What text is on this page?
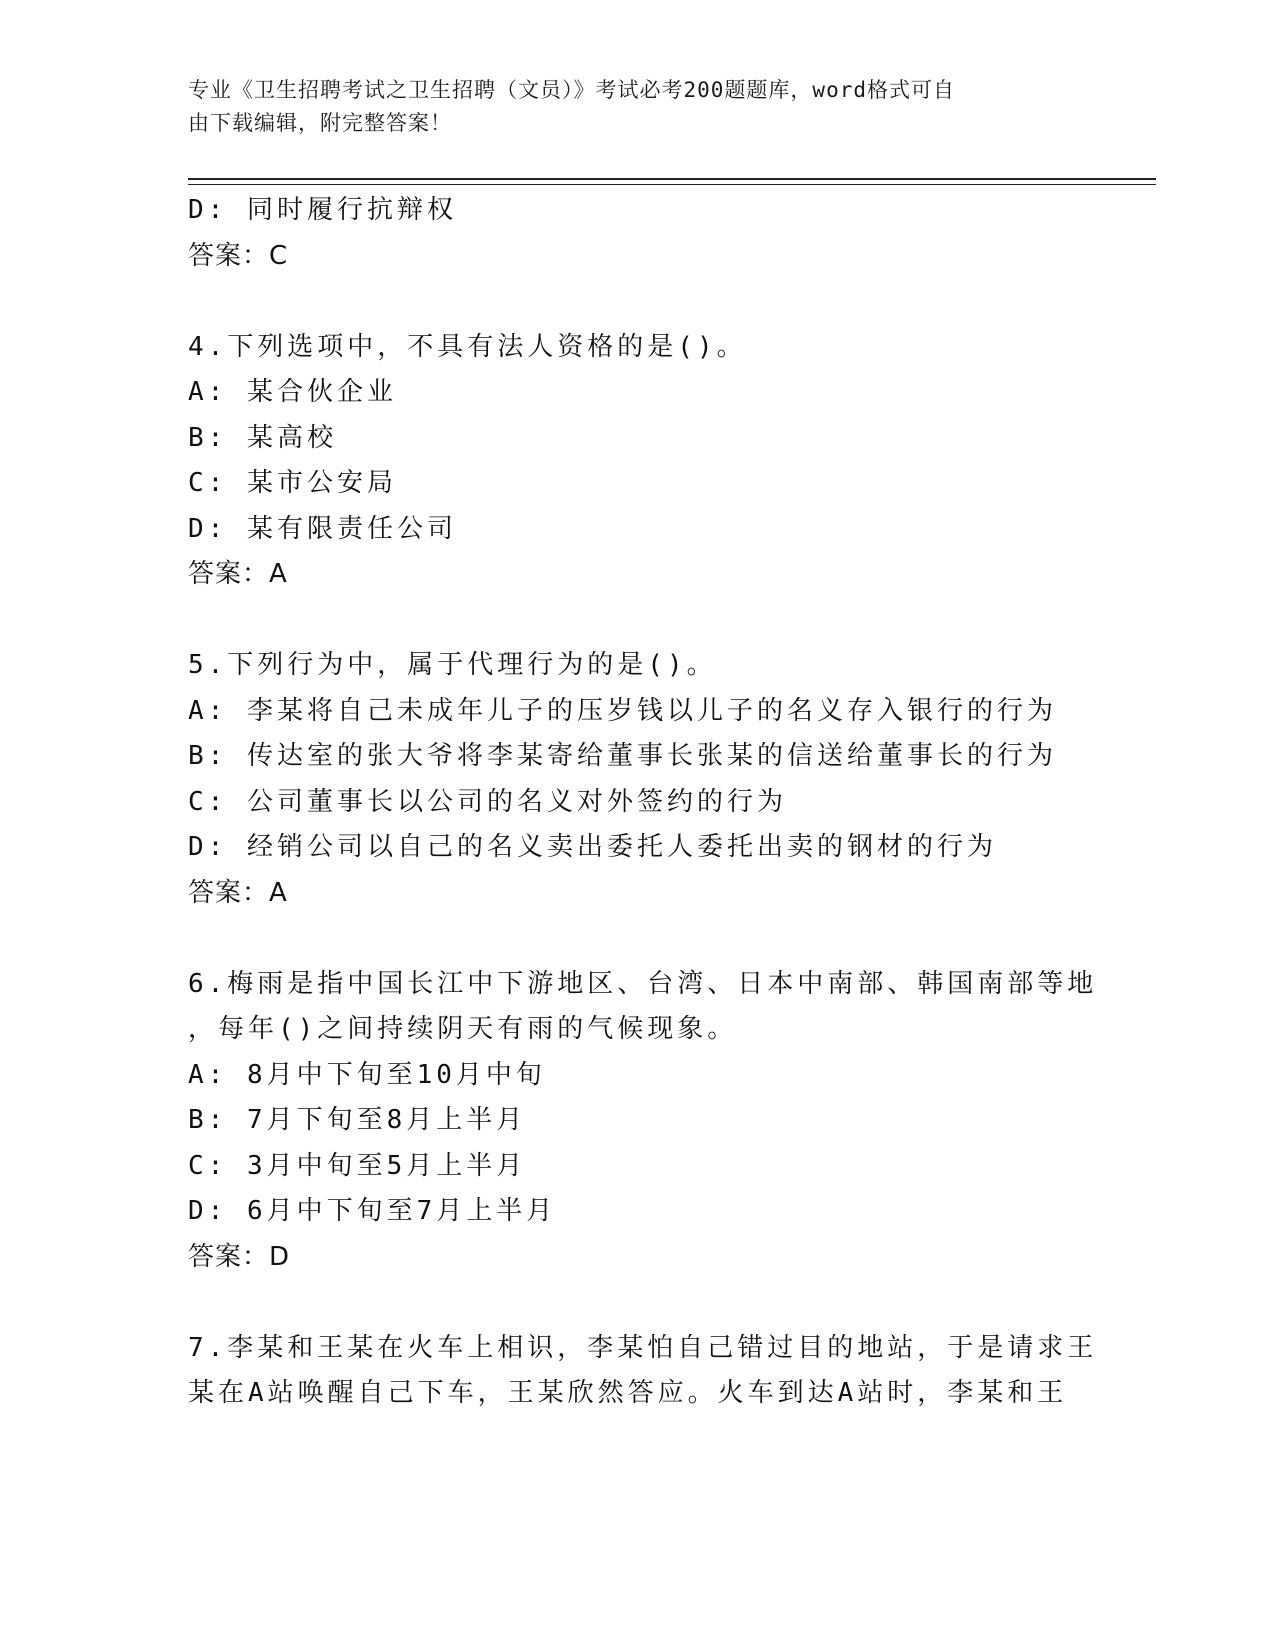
专业《卫生招聘考试之卫生招聘（文员）》考试必考200题题库，word格式可自
由下载编辑，附完整答案！
D: 同时履行抗辩权
答案：C
4.下列选项中，不具有法人资格的是()。
A: 某合伙企业
B: 某高校
C: 某市公安局
D: 某有限责任公司
答案：A
5.下列行为中，属于代理行为的是()。
A: 李某将自己未成年儿子的压岁钱以儿子的名义存入银行的行为
B: 传达室的张大爷将李某寄给董事长张某的信送给董事长的行为
C: 公司董事长以公司的名义对外签约的行为
D: 经销公司以自己的名义卖出委托人委托出卖的钢材的行为
答案：A
6.梅雨是指中国长江中下游地区、台湾、日本中南部、韩国南部等地
，每年()之间持续阴天有雨的气候现象。
A: 8月中下旬至10月中旬
B: 7月下旬至8月上半月
C: 3月中旬至5月上半月
D: 6月中下旬至7月上半月
答案：D
7.李某和王某在火车上相识，李某怕自己错过目的地站，于是请求王
某在A站唤醒自己下车，王某欣然答应。火车到达A站时，李某和王
